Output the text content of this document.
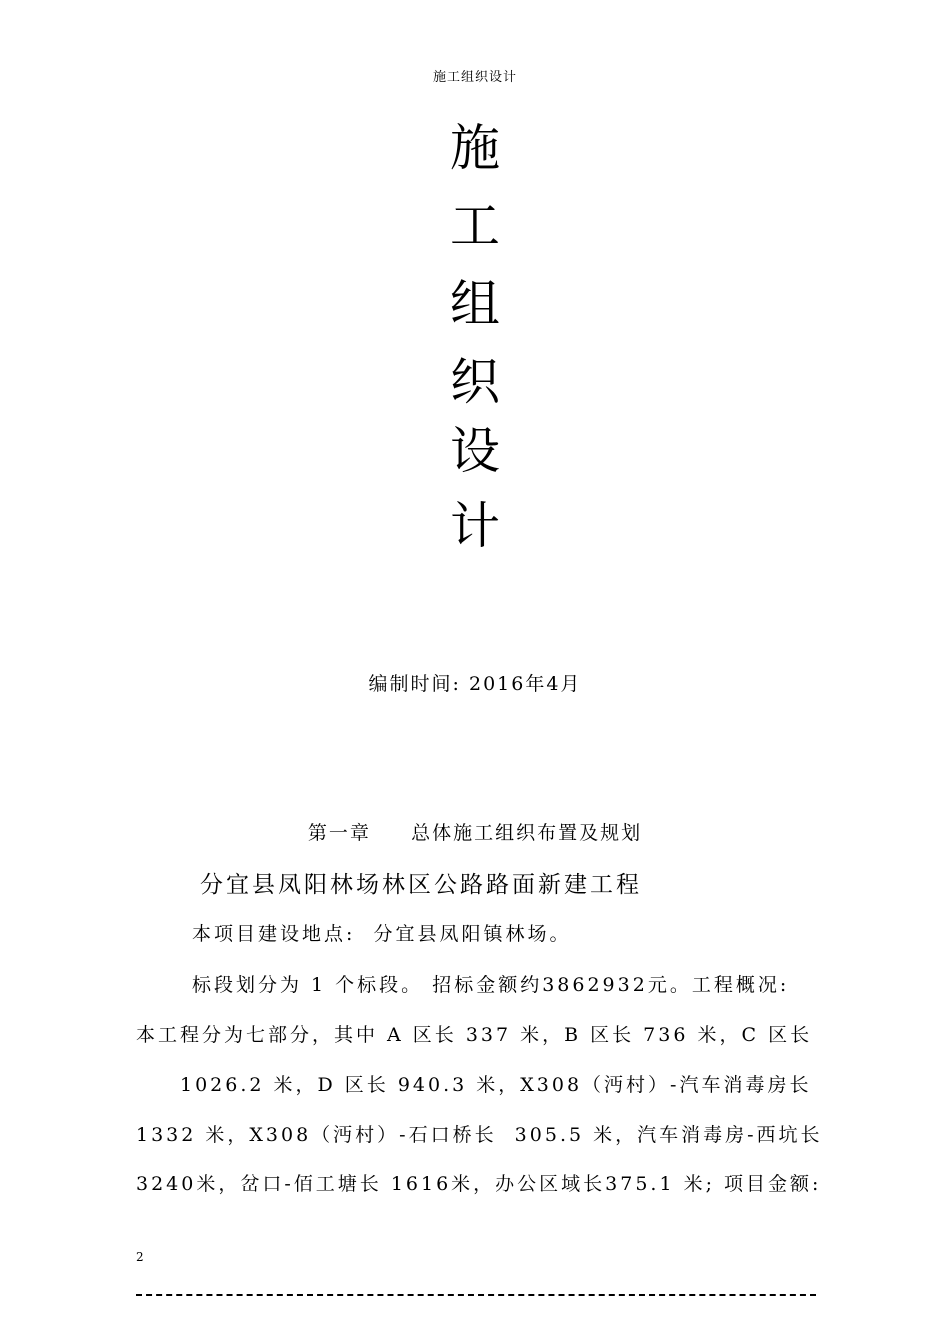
施工组织设计
施
工
组
织
设
计
编制时间: 2016年4月
第一章     总体施工组织布置及规划
分宜县凤阳林场林区公路路面新建工程
本项目建设地点:  分宜县凤阳镇林场。
标段划分为 1 个标段。 招标金额约3862932元。工程概况:
本工程分为七部分，其中 A 区长 337 米，B 区长 736 米，C 区长
1026.2 米，D 区长 940.3 米，X308（沔村）-汽车消毒房长
1332 米，X308（沔村）-石口桥长  305.5 米，汽车消毒房-西坑长
3240米，岔口-佰工塘长 1616米，办公区域长375.1 米; 项目金额:
2
